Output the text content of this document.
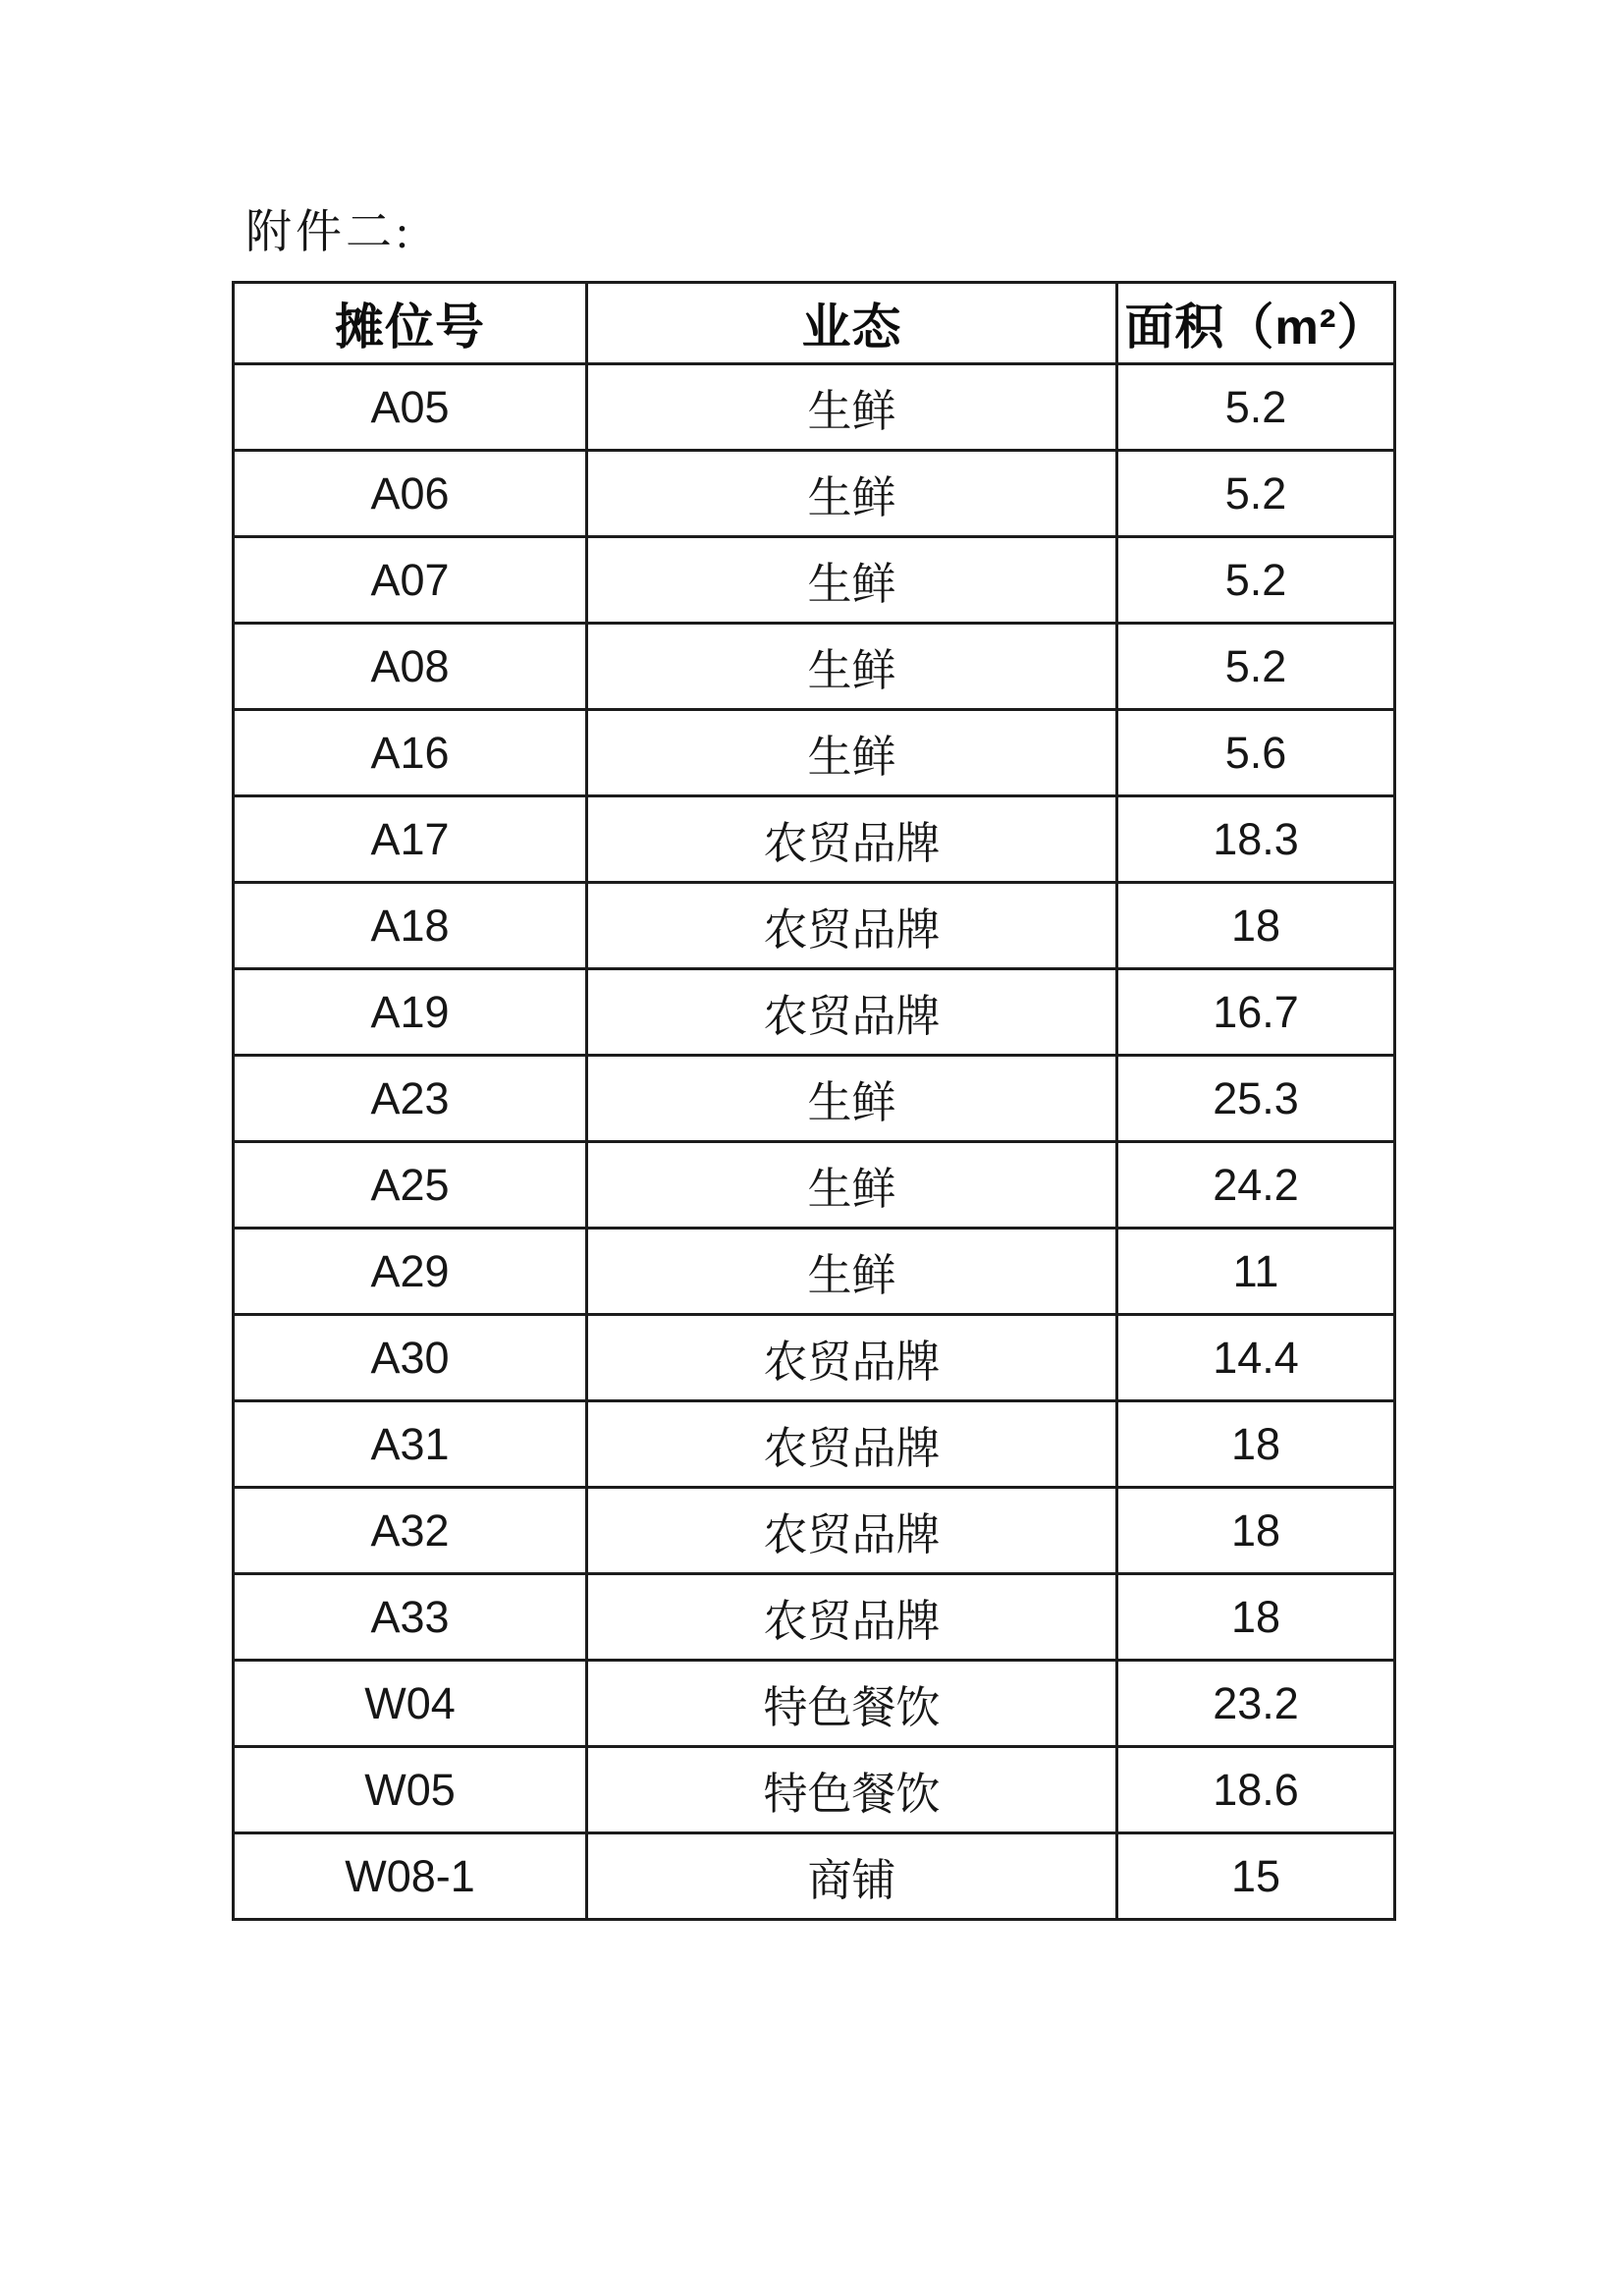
附件二:
摊位号	业态	面积（m²）
A05	生鲜	5.2
A06	生鲜	5.2
A07	生鲜	5.2
A08	生鲜	5.2
A16	生鲜	5.6
A17	农贸品牌	18.3
A18	农贸品牌	18
A19	农贸品牌	16.7
A23	生鲜	25.3
A25	生鲜	24.2
A29	生鲜	11
A30	农贸品牌	14.4
A31	农贸品牌	18
A32	农贸品牌	18
A33	农贸品牌	18
W04	特色餐饮	23.2
W05	特色餐饮	18.6
W08-1	商铺	15
